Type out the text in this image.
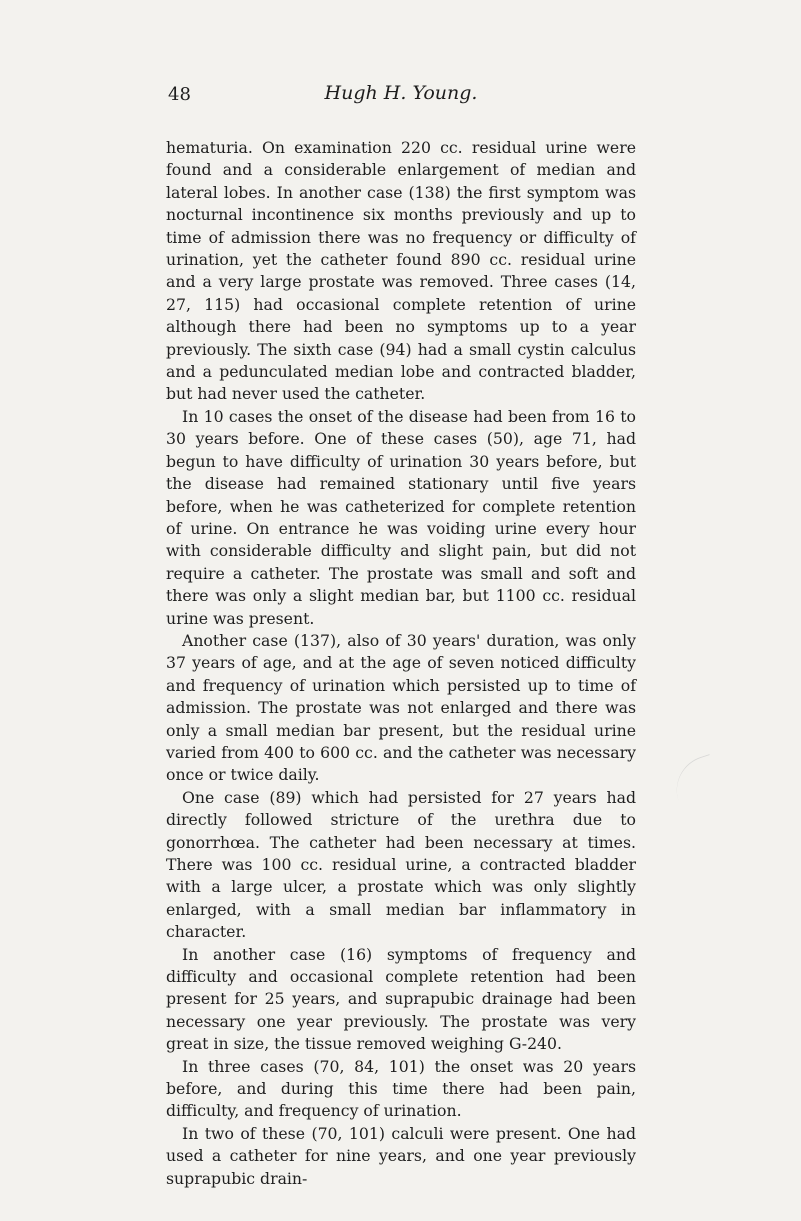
48	Hugh H. Young.

hematuria. On examination 220 cc. residual urine were found and a considerable enlargement of median and lateral lobes. In another case (138) the first symptom was nocturnal incontinence six months previously and up to time of admission there was no frequency or difficulty of urination, yet the catheter found 890 cc. residual urine and a very large prostate was removed. Three cases (14, 27, 115) had occasional complete retention of urine although there had been no symptoms up to a year previously. The sixth case (94) had a small cystin calculus and a pedunculated median lobe and contracted bladder, but had never used the catheter.

In 10 cases the onset of the disease had been from 16 to 30 years before. One of these cases (50), age 71, had begun to have difficulty of urination 30 years before, but the disease had remained stationary until five years before, when he was catheterized for complete retention of urine. On entrance he was voiding urine every hour with considerable difficulty and slight pain, but did not require a catheter. The prostate was small and soft and there was only a slight median bar, but 1100 cc. residual urine was present.

Another case (137), also of 30 years' duration, was only 37 years of age, and at the age of seven noticed difficulty and frequency of urination which persisted up to time of admission. The prostate was not enlarged and there was only a small median bar present, but the residual urine varied from 400 to 600 cc. and the catheter was necessary once or twice daily.

One case (89) which had persisted for 27 years had directly followed stricture of the urethra due to gonorrhœa. The catheter had been necessary at times. There was 100 cc. residual urine, a contracted bladder with a large ulcer, a prostate which was only slightly enlarged, with a small median bar inflammatory in character.

In another case (16) symptoms of frequency and difficulty and occasional complete retention had been present for 25 years, and suprapubic drainage had been necessary one year previously. The prostate was very great in size, the tissue removed weighing G-240.

In three cases (70, 84, 101) the onset was 20 years before, and during this time there had been pain, difficulty, and frequency of urination.

In two of these (70, 101) calculi were present. One had used a catheter for nine years, and one year previously suprapubic drain-
